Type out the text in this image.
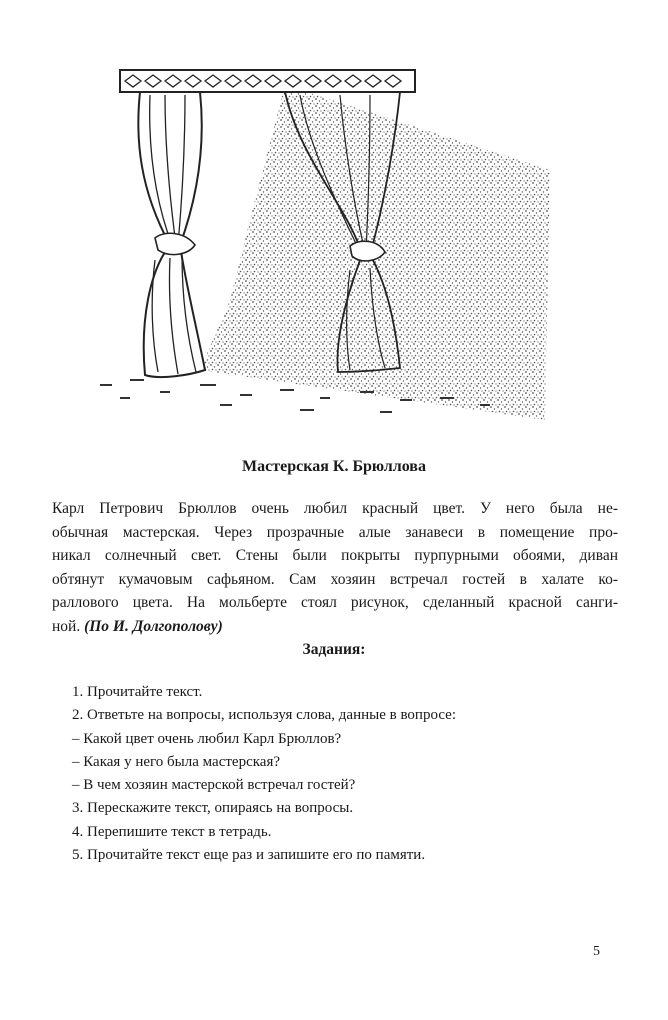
Мастерская К. Брюллова
Карл Петрович Брюллов очень любил красный цвет. У него была не-
обычная мастерская. Через прозрачные алые занавеси в помещение про-
никал солнечный свет. Стены были покрыты пурпурными обоями, диван
обтянут кумачовым сафьяном. Сам хозяин встречал гостей в халате ко-
раллового цвета. На мольберте стоял рисунок, сделанный красной санги-
ной. (По И. Долгополову)
Задания:
1. Прочитайте текст.
2. Ответьте на вопросы, используя слова, данные в вопросе:
– Какой цвет очень любил Карл Брюллов?
– Какая у него была мастерская?
– В чем хозяин мастерской встречал гостей?
3. Перескажите текст, опираясь на вопросы.
4. Перепишите текст в тетрадь.
5. Прочитайте текст еще раз и запишите его по памяти.
5
